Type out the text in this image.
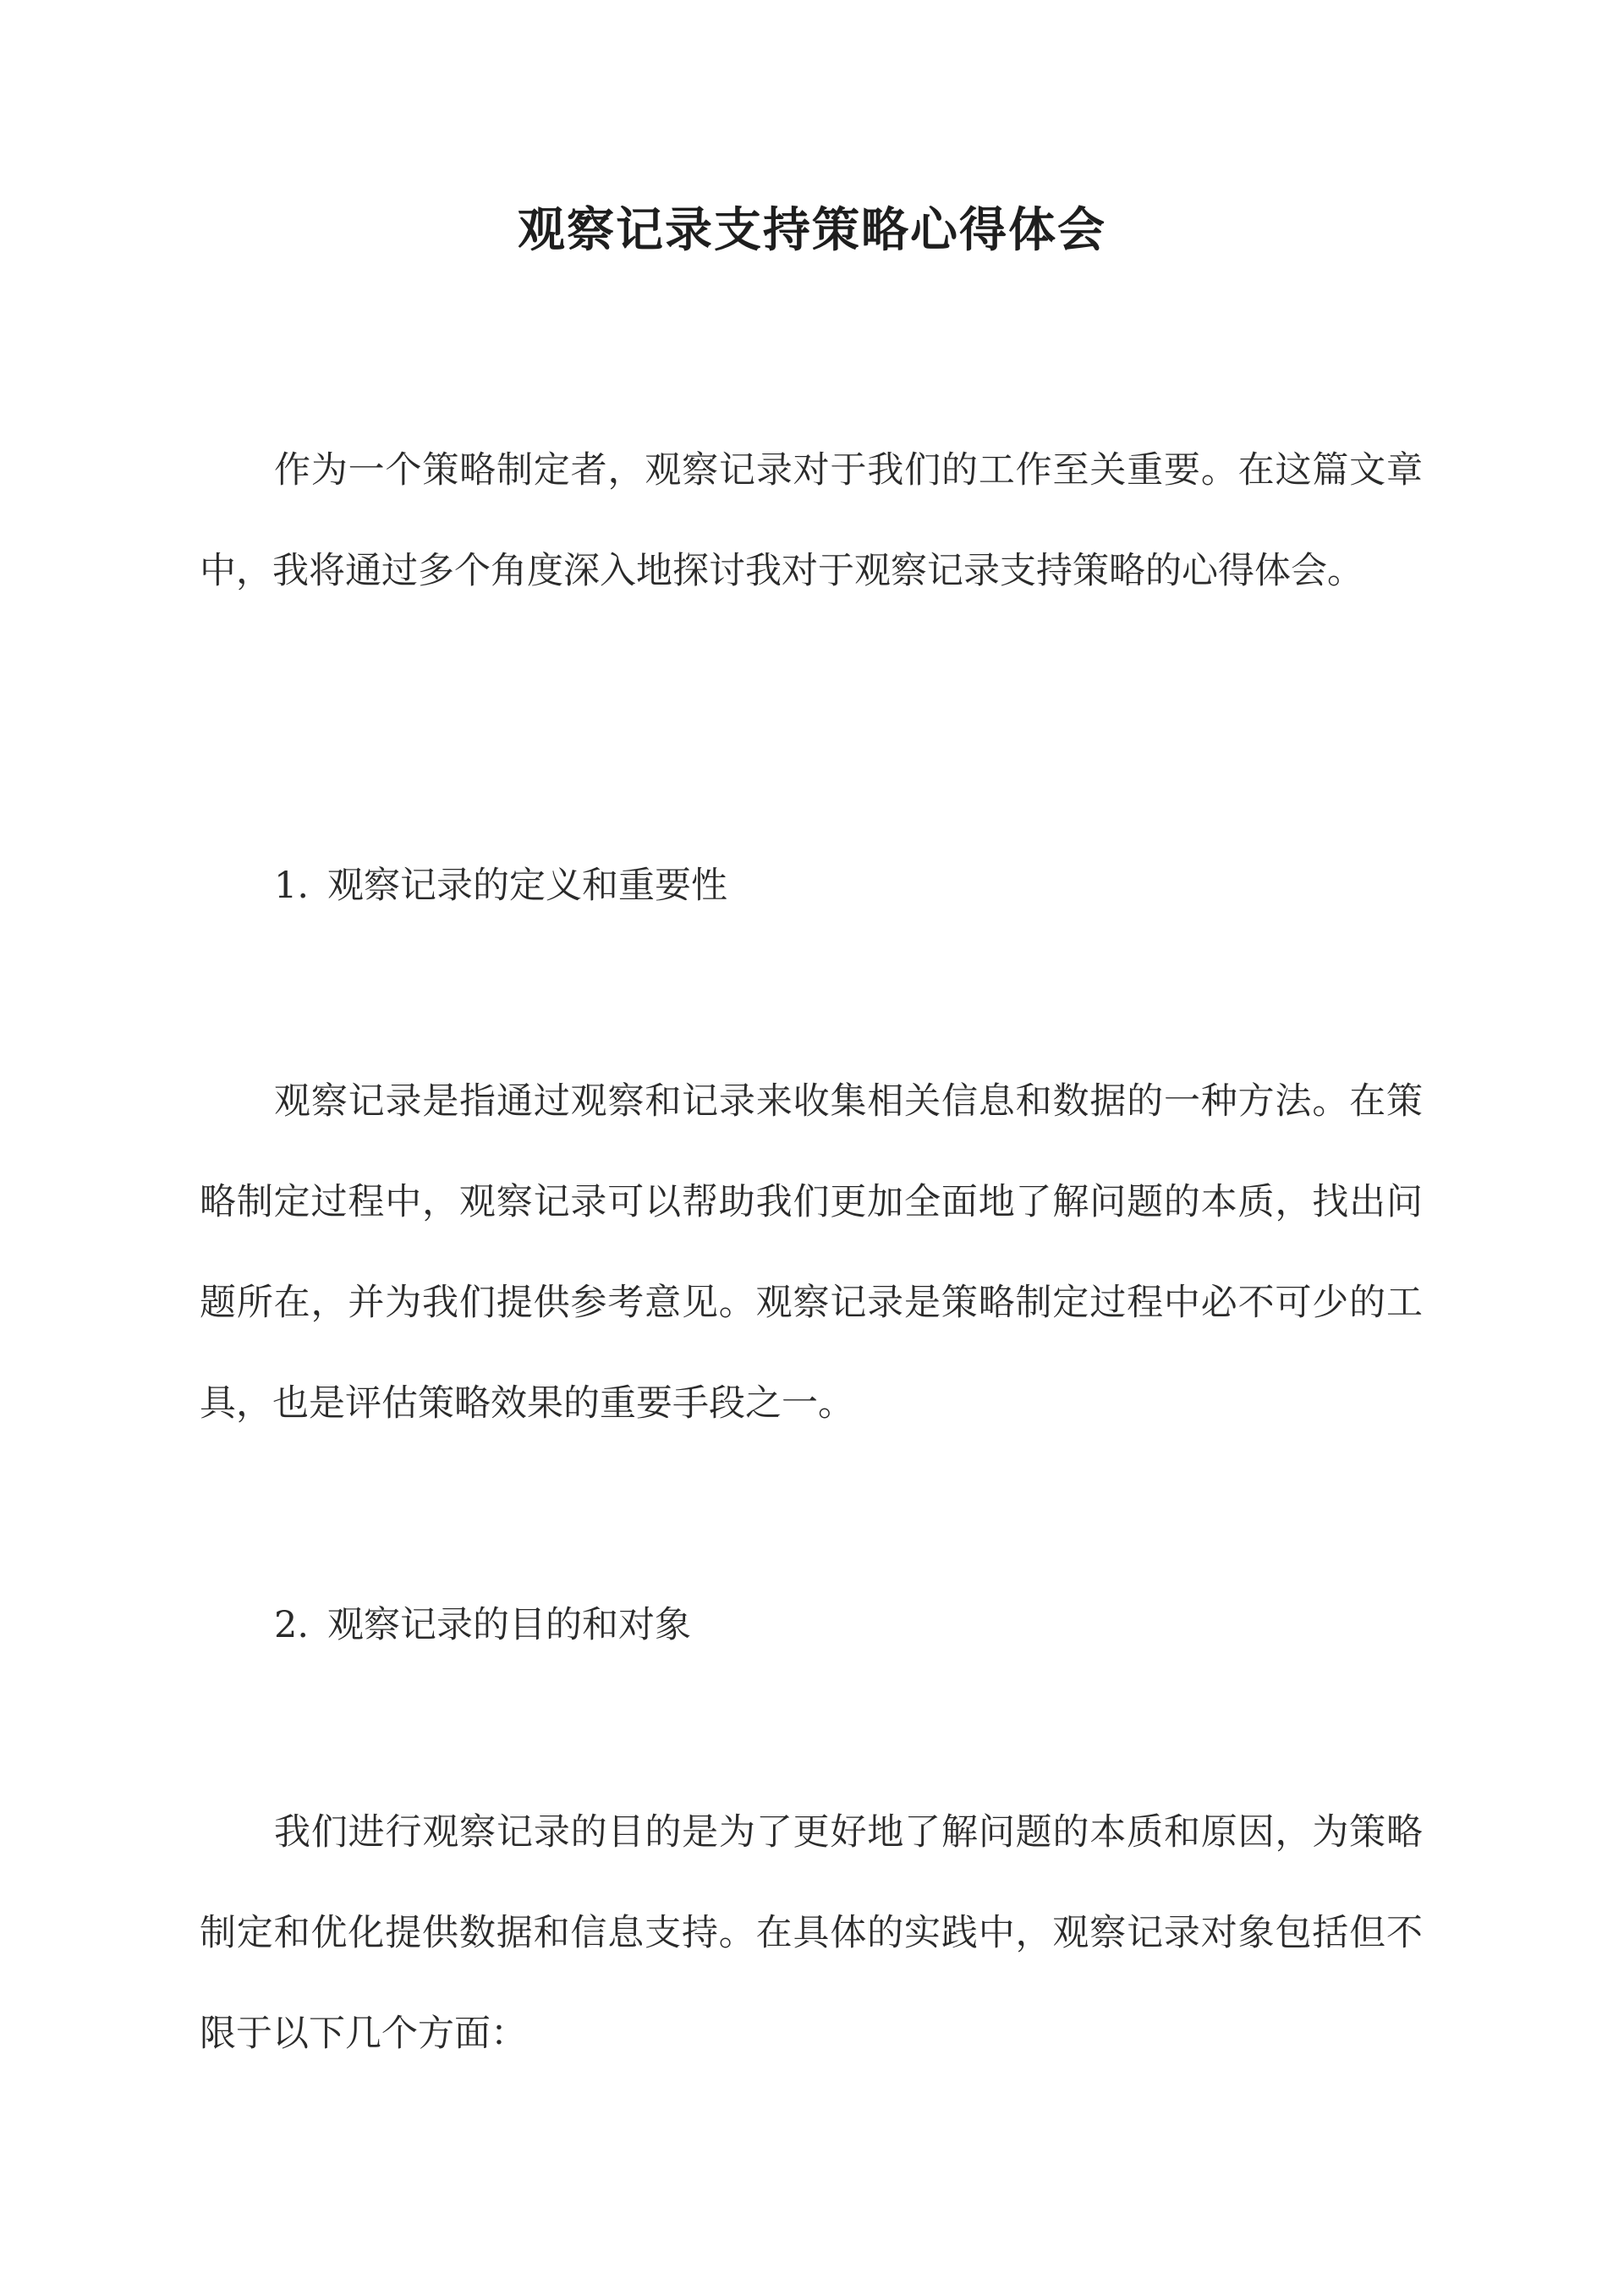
观察记录支持策略心得体会

作为一个策略制定者，观察记录对于我们的工作至关重要。在这篇文章中，我将通过多个角度深入地探讨我对于观察记录支持策略的心得体会。

1. 观察记录的定义和重要性

观察记录是指通过观察和记录来收集相关信息和数据的一种方法。在策略制定过程中，观察记录可以帮助我们更加全面地了解问题的本质，找出问题所在，并为我们提供参考意见。观察记录是策略制定过程中必不可少的工具，也是评估策略效果的重要手段之一。

2. 观察记录的目的和对象

我们进行观察记录的目的是为了更好地了解问题的本质和原因，为策略制定和优化提供数据和信息支持。在具体的实践中，观察记录对象包括但不限于以下几个方面：
